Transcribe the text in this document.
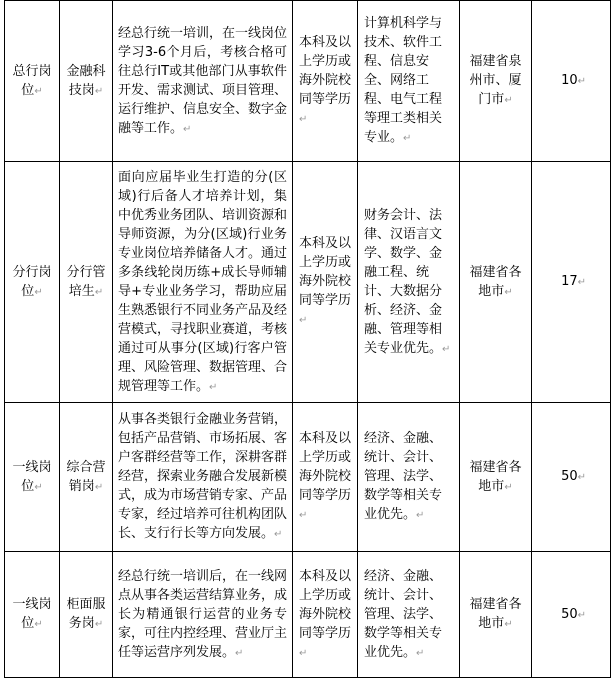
总行岗位↵	金融科技岗↵	经总行统一培训，在一线岗位学习3-6个月后，考核合格可往总行IT或其他部门从事软件开发、需求测试、项目管理、运行维护、信息安全、数字金融等工作。↵	本科及以上学历或海外院校同等学历↵	计算机科学与技术、软件工程、信息安全、网络工程、电气工程等理工类相关专业。↵	福建省泉州市、厦门市↵	10↵
分行岗位↵	分行管培生↵	面向应届毕业生打造的分(区域)行后备人才培养计划，集中优秀业务团队、培训资源和导师资源，为分(区域)行业务专业岗位培养储备人才。通过多条线轮岗历练+成长导师辅导+专业业务学习，帮助应届生熟悉银行不同业务产品及经营模式，寻找职业赛道，考核通过可从事分(区域)行客户管理、风险管理、数据管理、合规管理等工作。↵	本科及以上学历或海外院校同等学历↵	财务会计、法律、汉语言文学、数学、金融工程、统计、大数据分析、经济、金融、管理等相关专业优先。↵	福建省各地市↵	17↵
一线岗位↵	综合营销岗↵	从事各类银行金融业务营销，包括产品营销、市场拓展、客户客群经营等工作，深耕客群经营，探索业务融合发展新模式，成为市场营销专家、产品专家，经过培养可往机构团队长、支行行长等方向发展。↵	本科及以上学历或海外院校同等学历↵	经济、金融、统计、会计、管理、法学、数学等相关专业优先。↵	福建省各地市↵	50↵
一线岗位↵	柜面服务岗↵	经总行统一培训后，在一线网点从事各类运营结算业务，成长为精通银行运营的业务专家，可往内控经理、营业厅主任等运营序列发展。↵	本科及以上学历或海外院校同等学历↵	经济、金融、统计、会计、管理、法学、数学等相关专业优先。↵	福建省各地市↵	50↵
